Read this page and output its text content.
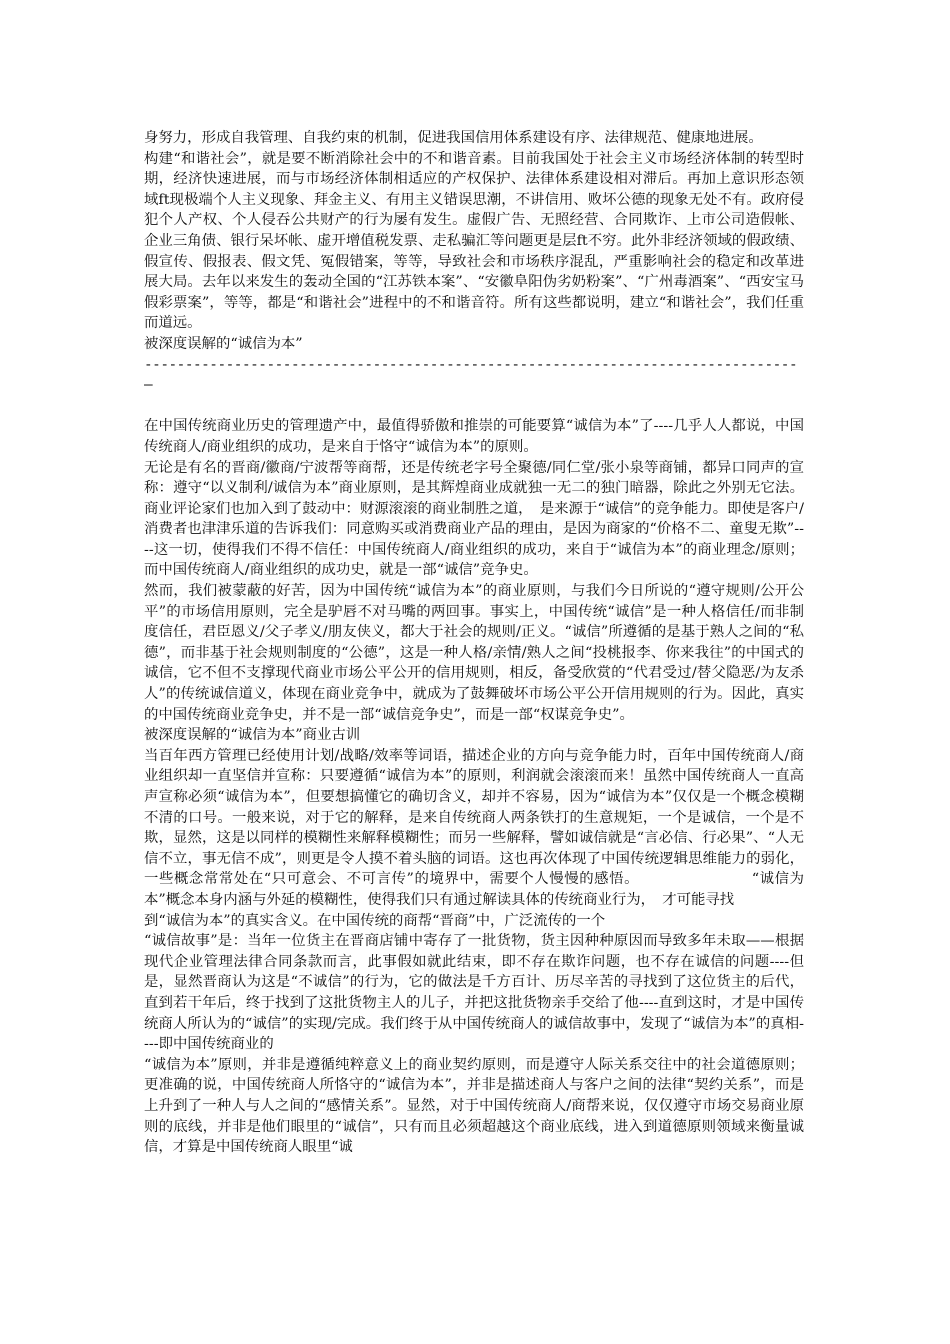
身努力，形成自我管理、自我约束的机制，促进我国信用体系建设有序、法律规范、健康地进展。

构建“和谐社会”，就是要不断消除社会中的不和谐音素。目前我国处于社会主义市场经济体制的转型时期，经济快速进展，而与市场经济体制相适应的产权保护、法律体系建设相对滞后。再加上意识形态领域ft现极端个人主义现象、拜金主义、有用主义错误思潮，不讲信用、败坏公德的现象无处不有。政府侵犯个人产权、个人侵吞公共财产的行为屡有发生。虚假广告、无照经营、合同欺诈、上市公司造假帐、企业三角债、银行呆坏帐、虚开增值税发票、走私骗汇等问题更是层ft不穷。此外非经济领域的假政绩、假宣传、假报表、假文凭、冤假错案，等等，导致社会和市场秩序混乱，严重影响社会的稳定和改革进展大局。去年以来发生的轰动全国的“江苏铁本案”、“安徽阜阳伪劣奶粉案”、“广州毒酒案”、“西安宝马假彩票案”，等等，都是“和谐社会”进程中的不和谐音符。所有这些都说明，建立“和谐社会”，我们任重而道远。

被深度误解的“诚信为本”

--------------------------------------------------------------------------------
–

在中国传统商业历史的管理遗产中，最值得骄傲和推崇的可能要算“诚信为本”了----几乎人人都说，中国传统商人/商业组织的成功，是来自于恪守“诚信为本”的原则。

无论是有名的晋商/徽商/宁波帮等商帮，还是传统老字号全聚德/同仁堂/张小泉等商铺，都异口同声的宣称：遵守“以义制利/诚信为本”商业原则，是其辉煌商业成就独一无二的独门暗器，除此之外别无它法。商业评论家们也加入到了鼓动中：财源滚滚的商业制胜之道，　是来源于“诚信”的竞争能力。即使是客户/消费者也津津乐道的告诉我们：同意购买或消费商业产品的理由，是因为商家的“价格不二、童叟无欺”----这一切，使得我们不得不信任：中国传统商人/商业组织的成功，来自于“诚信为本”的商业理念/原则；而中国传统商人/商业组织的成功史，就是一部“诚信”竞争史。

然而，我们被蒙蔽的好苦，因为中国传统“诚信为本”的商业原则，与我们今日所说的“遵守规则/公开公平”的市场信用原则，完全是驴唇不对马嘴的两回事。事实上，中国传统“诚信”是一种人格信任/而非制度信任，君臣恩义/父子孝义/朋友侠义，都大于社会的规则/正义。“诚信”所遵循的是基于熟人之间的“私德”，而非基于社会规则制度的“公德”，这是一种人格/亲情/熟人之间“投桃报李、你来我往”的中国式的诚信，它不但不支撑现代商业市场公平公开的信用规则，相反，备受欣赏的“代君受过/替父隐恶/为友杀人”的传统诚信道义，体现在商业竞争中，就成为了鼓舞破坏市场公平公开信用规则的行为。因此，真实的中国传统商业竞争史，并不是一部“诚信竞争史”，而是一部“权谋竞争史”。

被深度误解的“诚信为本”商业古训

当百年西方管理已经使用计划/战略/效率等词语，描述企业的方向与竞争能力时，百年中国传统商人/商业组织却一直坚信并宣称：只要遵循“诚信为本”的原则，利润就会滚滚而来！虽然中国传统商人一直高声宣称必须“诚信为本”，但要想搞懂它的确切含义，却并不容易，因为“诚信为本”仅仅是一个概念模糊不清的口号。一般来说，对于它的解释，是来自传统商人两条铁打的生意规矩，一个是诚信，一个是不欺，显然，这是以同样的模糊性来解释模糊性；而另一些解释，譬如诚信就是“言必信、行必果”、“人无信不立，事无信不成”，则更是令人摸不着头脑的词语。这也再次体现了中国传统逻辑思维能力的弱化，一些概念常常处在“只可意会、不可言传”的境界中，需要个人慢慢的感悟。　　　　　　　　“诚信为本”概念本身内涵与外延的模糊性，使得我们只有通过解读具体的传统商业行为，　才可能寻找

到“诚信为本”的真实含义。在中国传统的商帮“晋商”中，广泛流传的一个

“诚信故事”是：当年一位货主在晋商店铺中寄存了一批货物，货主因种种原因而导致多年未取——根据现代企业管理法律合同条款而言，此事假如就此结束，即不存在欺诈问题，也不存在诚信的问题----但是，显然晋商认为这是“不诚信”的行为，它的做法是千方百计、历尽辛苦的寻找到了这位货主的后代，直到若干年后，终于找到了这批货物主人的儿子，并把这批货物亲手交给了他----直到这时，才是中国传统商人所认为的“诚信”的实现/完成。我们终于从中国传统商人的诚信故事中，发现了“诚信为本”的真相----即中国传统商业的

“诚信为本”原则，并非是遵循纯粹意义上的商业契约原则，而是遵守人际关系交往中的社会道德原则；更准确的说，中国传统商人所恪守的“诚信为本”，并非是描述商人与客户之间的法律“契约关系”，而是上升到了一种人与人之间的“感情关系”。显然，对于中国传统商人/商帮来说，仅仅遵守市场交易商业原则的底线，并非是他们眼里的“诚信”，只有而且必须超越这个商业底线，进入到道德原则领域来衡量诚信，才算是中国传统商人眼里“诚
